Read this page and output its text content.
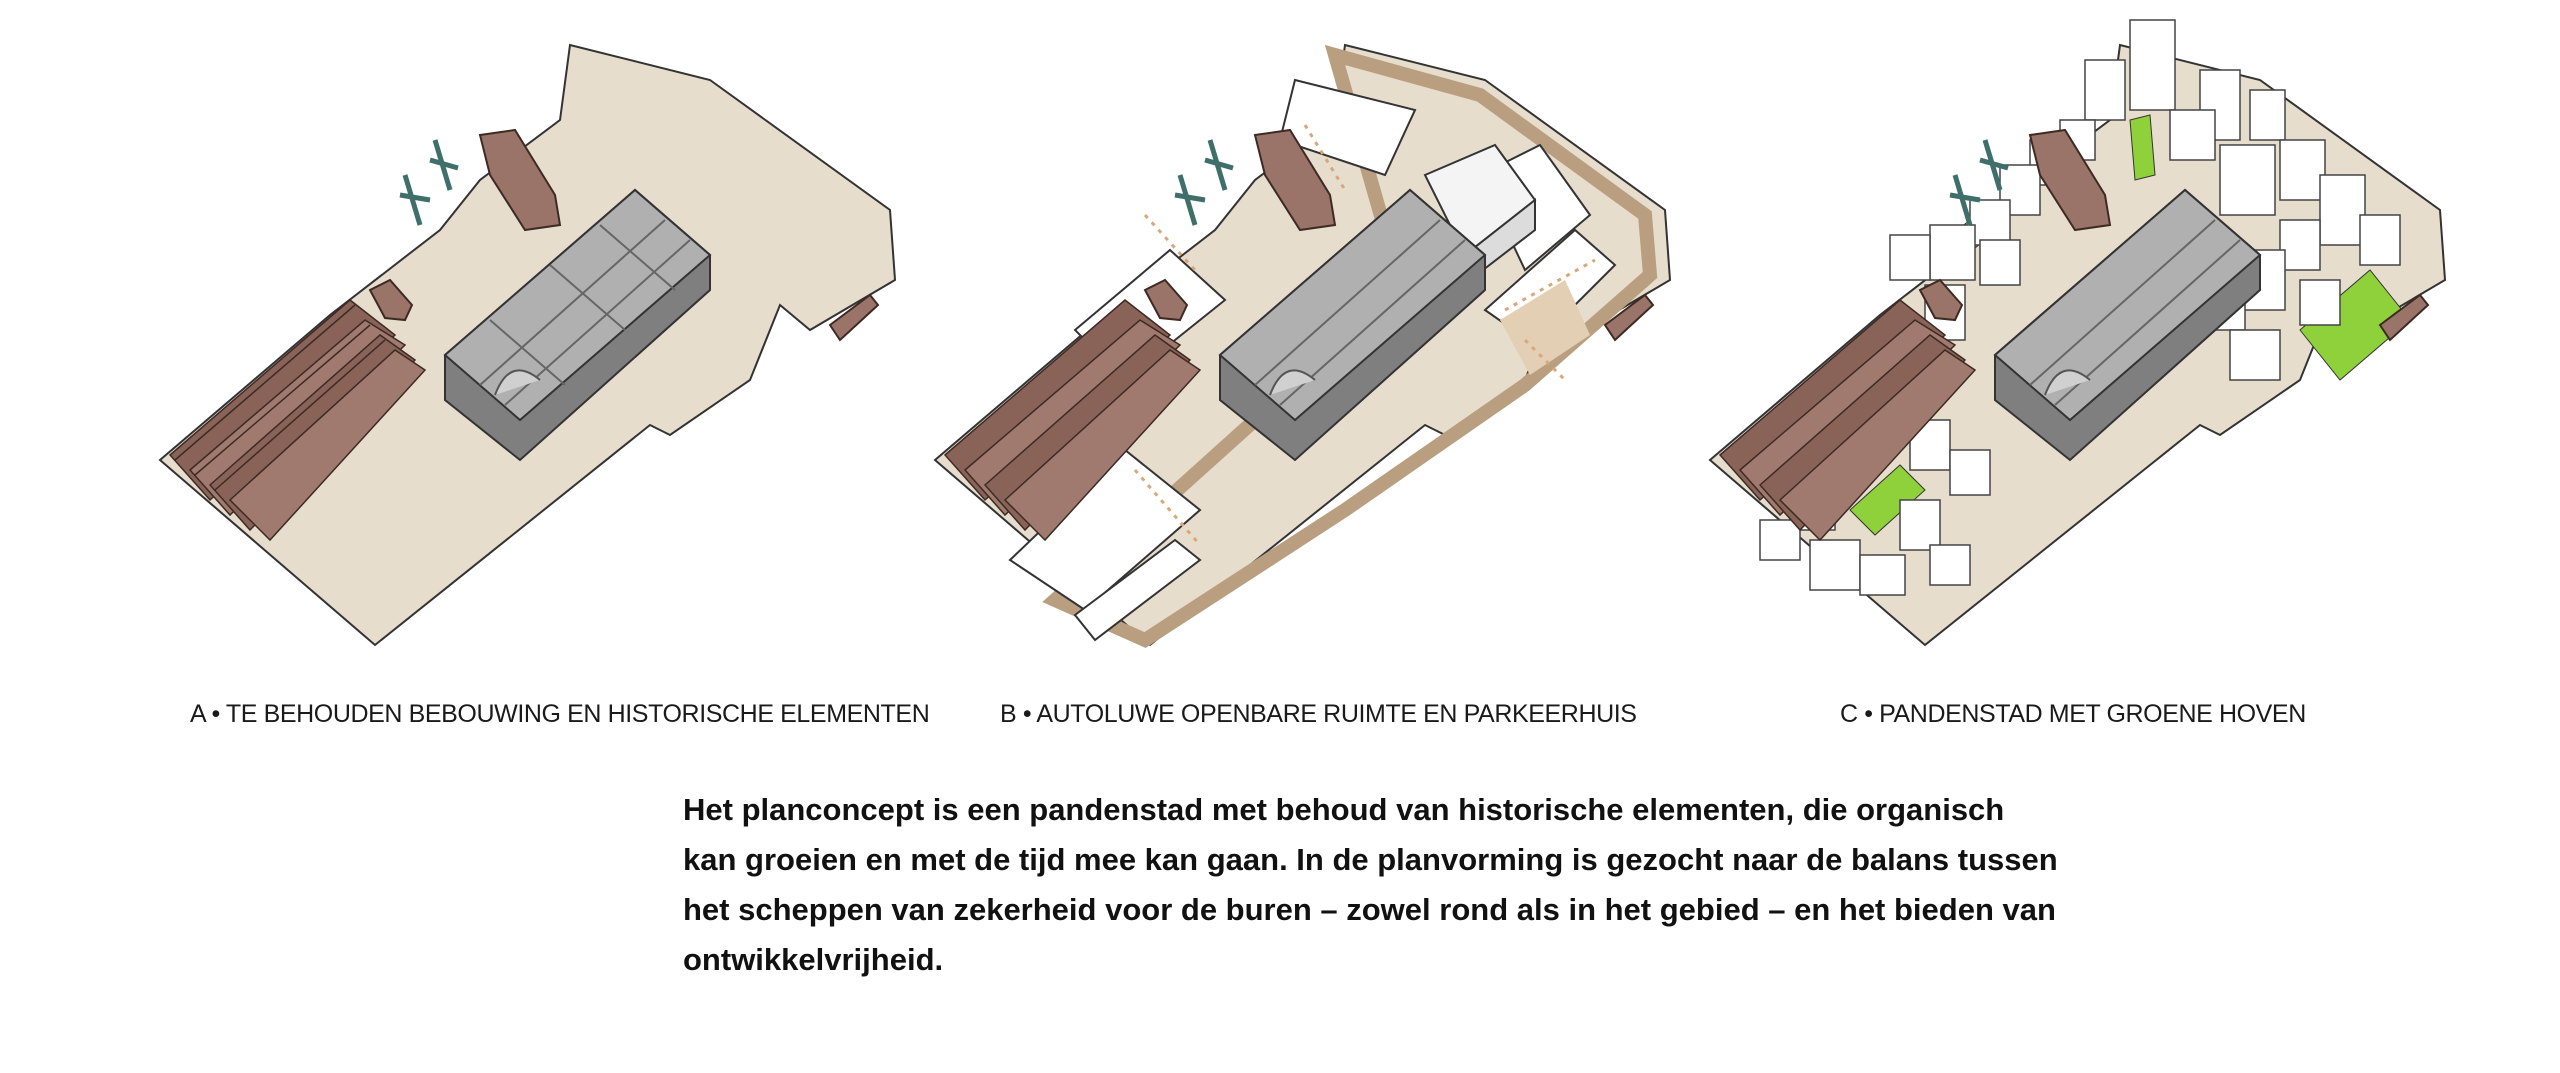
A • TE BEHOUDEN BEBOUWING EN HISTORISCHE ELEMENTEN	B • AUTOLUWE OPENBARE RUIMTE EN PARKEERHUIS	C • PANDENSTAD MET GROENE HOVEN
Het planconcept is een pandenstad met behoud van historische elementen, die organisch
kan groeien en met de tijd mee kan gaan. In de planvorming is gezocht naar de balans tussen
het scheppen van zekerheid voor de buren – zowel rond als in het gebied – en het bieden van
ontwikkelvrijheid.
